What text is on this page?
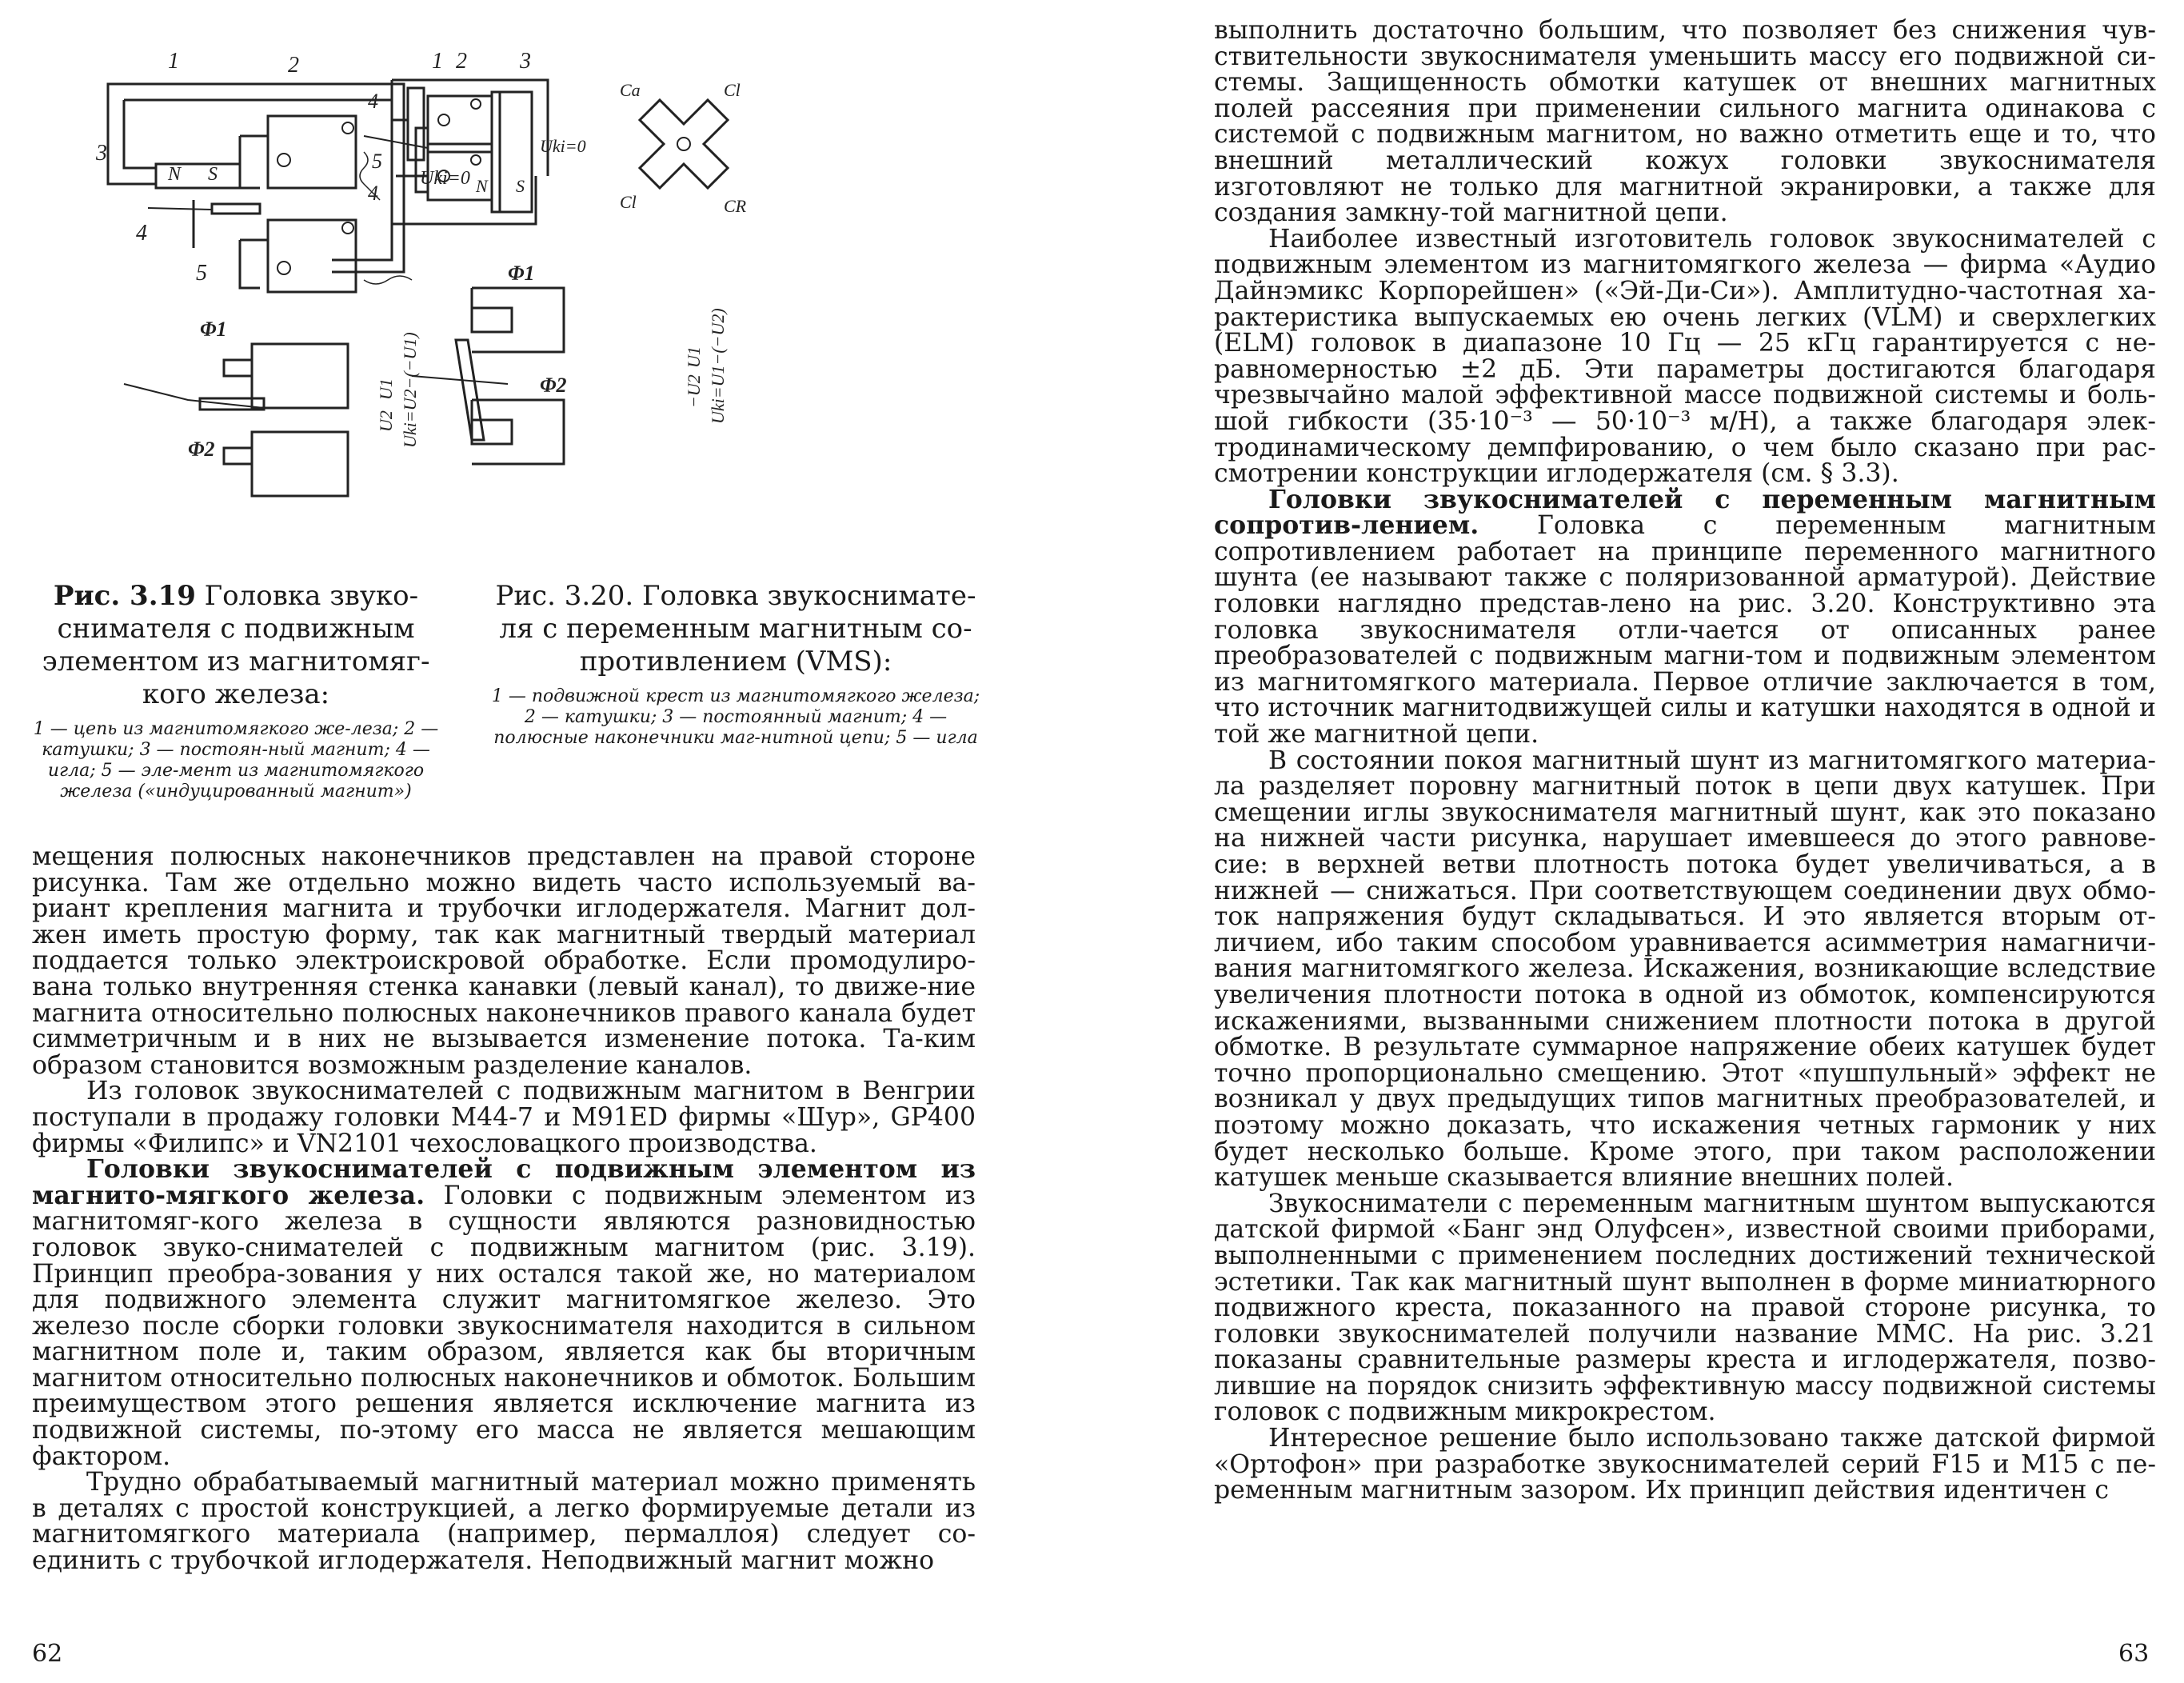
1	2
3
4
5
N S	Uki=0
Φ1
Φ2
1 2 3
4
5
4	N S
Uki=0
Ca	Cl
Cl	CR
Φ1
Φ2
U2
U1 Uki=U2−(−U1)	−U2
U1 Uki=U1−(−U2)

Рис. 3.19 Головка звуко-снимателя с подвижным элементом из магнитомяг-кого железа:

1 — цепь из магнитомягкого же-леза; 2 — катушки; 3 — постоян-ный магнит; 4 — игла; 5 — эле-мент из магнитомягкого железа («индуцированный магнит»)

Рис. 3.20. Головка звукоснимате-ля с переменным магнитным со-противлением (VMS):

1 — подвижной крест из магнитомягкого железа; 2 — катушки; 3 — постоянный магнит; 4 — полюсные наконечники маг-нитной цепи; 5 — игла

мещения полюсных наконечников представлен на правой стороне рисунка. Там же отдельно можно видеть часто используемый ва-риант крепления магнита и трубочки иглодержателя. Магнит дол-жен иметь простую форму, так как магнитный твердый материал поддается только электроискровой обработке. Если промодулиро-вана только внутренняя стенка канавки (левый канал), то движе-ние магнита относительно полюсных наконечников правого канала будет симметричным и в них не вызывается изменение потока. Та-ким образом становится возможным разделение каналов.

Из головок звукоснимателей с подвижным магнитом в Венгрии поступали в продажу головки М44-7 и M91ED фирмы «Шур», GP400 фирмы «Филипс» и VN2101 чехословацкого производства.

Головки звукоснимателей с подвижным элементом из магнито-мягкого железа. Головки с подвижным элементом из магнитомяг-кого железа в сущности являются разновидностью головок звуко-снимателей с подвижным магнитом (рис. 3.19). Принцип преобра-зования у них остался такой же, но материалом для подвижного элемента служит магнитомягкое железо. Это железо после сборки головки звукоснимателя находится в сильном магнитном поле и, таким образом, является как бы вторичным магнитом относительно полюсных наконечников и обмоток. Большим преимуществом этого решения является исключение магнита из подвижной системы, по-этому его масса не является мешающим фактором.

Трудно обрабатываемый магнитный материал можно применять в деталях с простой конструкцией, а легко формируемые детали из магнитомягкого материала (например, пермаллоя) следует со-единить с трубочкой иглодержателя. Неподвижный магнит можно

62

выполнить достаточно большим, что позволяет без снижения чув-ствительности звукоснимателя уменьшить массу его подвижной си-стемы. Защищенность обмотки катушек от внешних магнитных полей рассеяния при применении сильного магнита одинакова с системой с подвижным магнитом, но важно отметить еще и то, что внешний металлический кожух головки звукоснимателя изготовляют не только для магнитной экранировки, а также для создания замкну-той магнитной цепи.

Наиболее известный изготовитель головок звукоснимателей с подвижным элементом из магнитомягкого железа — фирма «Аудио Дайнэмикс Корпорейшен» («Эй-Ди-Си»). Амплитудно-частотная ха-рактеристика выпускаемых ею очень легких (VLM) и сверхлегких (ELM) головок в диапазоне 10 Гц — 25 кГц гарантируется с не-равномерностью ±2 дБ. Эти параметры достигаются благодаря чрезвычайно малой эффективной массе подвижной системы и боль-шой гибкости (35·10⁻³ — 50·10⁻³ м/Н), а также благодаря элек-тродинамическому демпфированию, о чем было сказано при рас-смотрении конструкции иглодержателя (см. § 3.3).

Головки звукоснимателей с переменным магнитным сопротив-лением. Головка с переменным магнитным сопротивлением работает на принципе переменного магнитного шунта (ее называют также с поляризованной арматурой). Действие головки наглядно представ-лено на рис. 3.20. Конструктивно эта головка звукоснимателя отли-чается от описанных ранее преобразователей с подвижным магни-том и подвижным элементом из магнитомягкого материала. Первое отличие заключается в том, что источник магнитодвижущей силы и катушки находятся в одной и той же магнитной цепи.

В состоянии покоя магнитный шунт из магнитомягкого материа-ла разделяет поровну магнитный поток в цепи двух катушек. При смещении иглы звукоснимателя магнитный шунт, как это показано на нижней части рисунка, нарушает имевшееся до этого равнове-сие: в верхней ветви плотность потока будет увеличиваться, а в нижней — снижаться. При соответствующем соединении двух обмо-ток напряжения будут складываться. И это является вторым от-личием, ибо таким способом уравнивается асимметрия намагничи-вания магнитомягкого железа. Искажения, возникающие вследствие увеличения плотности потока в одной из обмоток, компенсируются искажениями, вызванными снижением плотности потока в другой обмотке. В результате суммарное напряжение обеих катушек будет точно пропорционально смещению. Этот «пушпульный» эффект не возникал у двух предыдущих типов магнитных преобразователей, и поэтому можно доказать, что искажения четных гармоник у них будет несколько больше. Кроме этого, при таком расположении катушек меньше сказывается влияние внешних полей.

Звукосниматели с переменным магнитным шунтом выпускаются датской фирмой «Банг энд Олуфсен», известной своими приборами, выполненными с применением последних достижений технической эстетики. Так как магнитный шунт выполнен в форме миниатюрного подвижного креста, показанного на правой стороне рисунка, то головки звукоснимателей получили название ММС. На рис. 3.21 показаны сравнительные размеры креста и иглодержателя, позво-лившие на порядок снизить эффективную массу подвижной системы головок с подвижным микрокрестом.

Интересное решение было использовано также датской фирмой «Ортофон» при разработке звукоснимателей серий F15 и M15 с пе-ременным магнитным зазором. Их принцип действия идентичен с

63
